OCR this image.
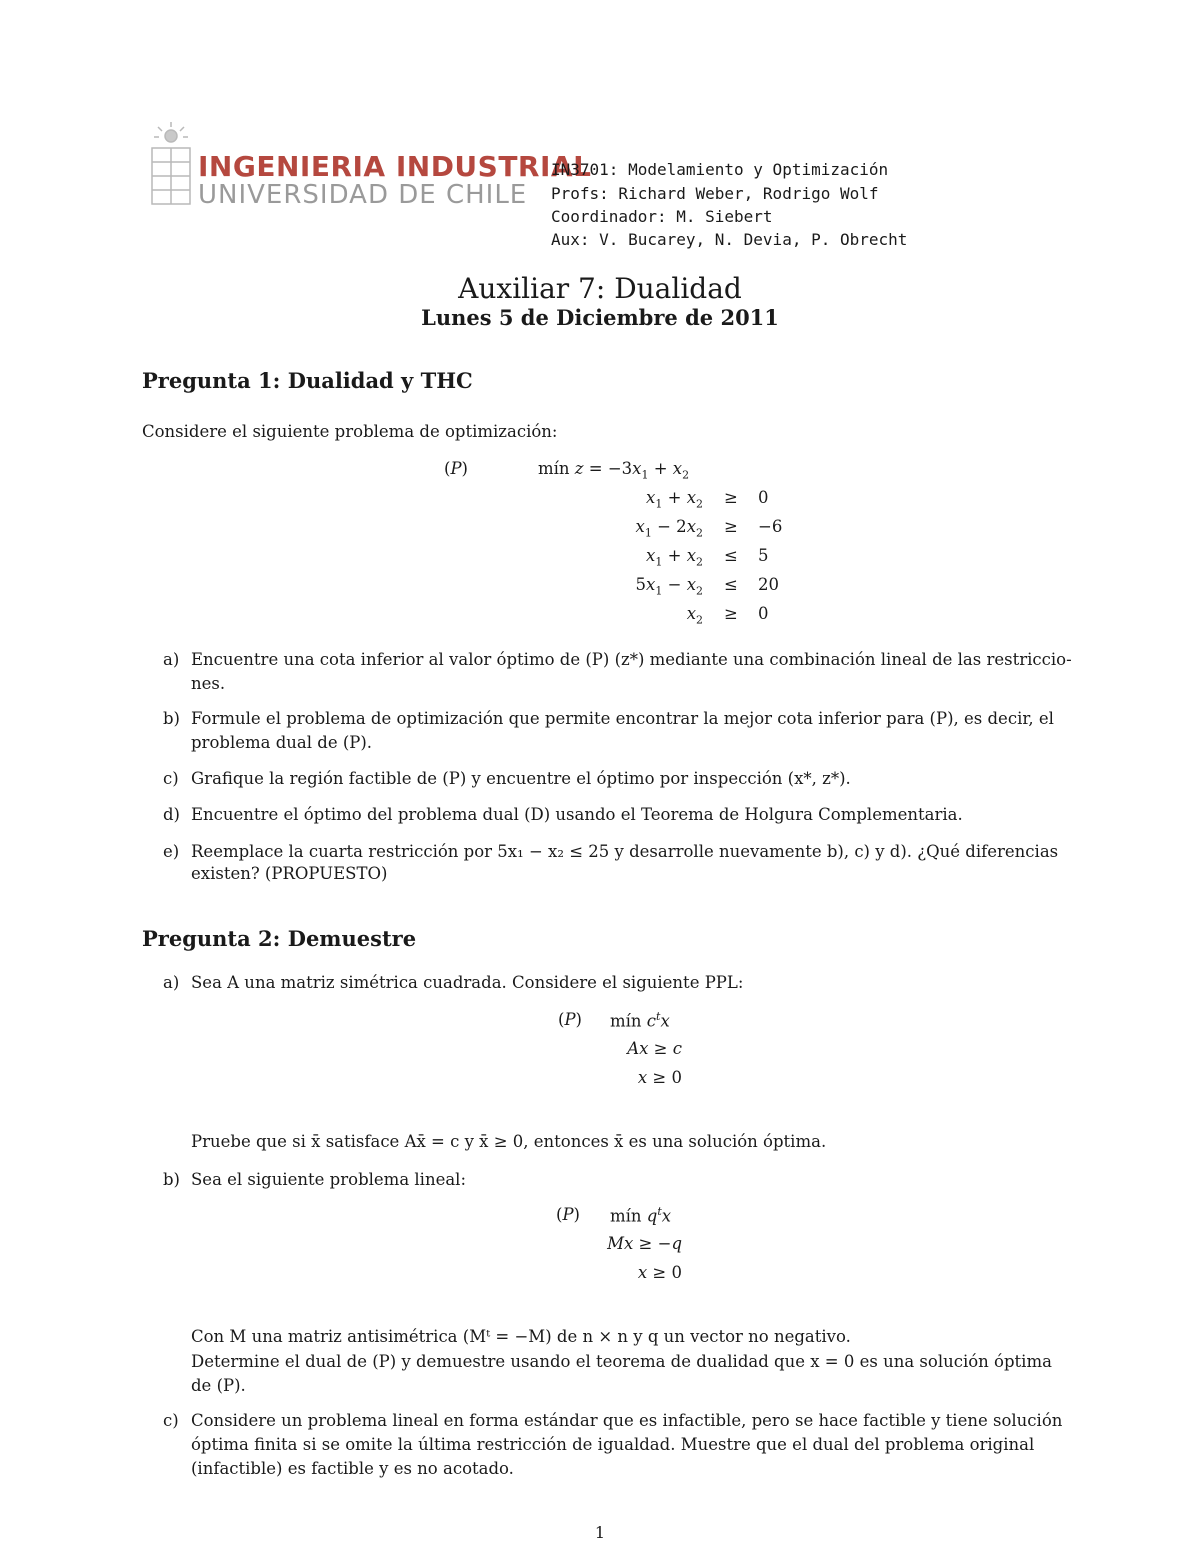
INGENIERIA INDUSTRIAL
UNIVERSIDAD DE CHILE
IN3701: Modelamiento y Optimización
Profs: Richard Weber, Rodrigo Wolf
Coordinador: M. Siebert
Aux: V. Bucarey, N. Devia, P. Obrecht
Auxiliar 7: Dualidad
Lunes 5 de Diciembre de 2011
Pregunta 1: Dualidad y THC
Considere el siguiente problema de optimización:
(P)	mín $z = -3x_1 + x_2$
$x_1 + x_2 \ge 0$
$x_1 - 2x_2 \ge -6$
$x_1 + x_2 \le 5$
$5x_1 - x_2 \le 20$
$x_2 \ge 0$
a) Encuentre una cota inferior al valor óptimo de (P) (z*) mediante una combinación lineal de las restriccio-
nes.
b) Formule el problema de optimización que permite encontrar la mejor cota inferior para (P), es decir, el
problema dual de (P).
c) Grafique la región factible de (P) y encuentre el óptimo por inspección (x*, z*).
d) Encuentre el óptimo del problema dual (D) usando el Teorema de Holgura Complementaria.
e) Reemplace la cuarta restricción por 5x₁ − x₂ ≤ 25 y desarrolle nuevamente b), c) y d). ¿Qué diferencias
existen? (PROPUESTO)
Pregunta 2: Demuestre
a) Sea A una matriz simétrica cuadrada. Considere el siguiente PPL:
(P) mín $c^tx$
Ax ≥ c
x ≥ 0
Pruebe que si x̄ satisface Ax̄ = c y x̄ ≥ 0, entonces x̄ es una solución óptima.
b) Sea el siguiente problema lineal:
(P) mín $q^tx$
Mx ≥ −q
x ≥ 0
Con M una matriz antisimétrica (Mᵗ = −M) de n × n y q un vector no negativo.
Determine el dual de (P) y demuestre usando el teorema de dualidad que x = 0 es una solución óptima
de (P).
c) Considere un problema lineal en forma estándar que es infactible, pero se hace factible y tiene solución
óptima finita si se omite la última restricción de igualdad. Muestre que el dual del problema original
(infactible) es factible y es no acotado.
1
